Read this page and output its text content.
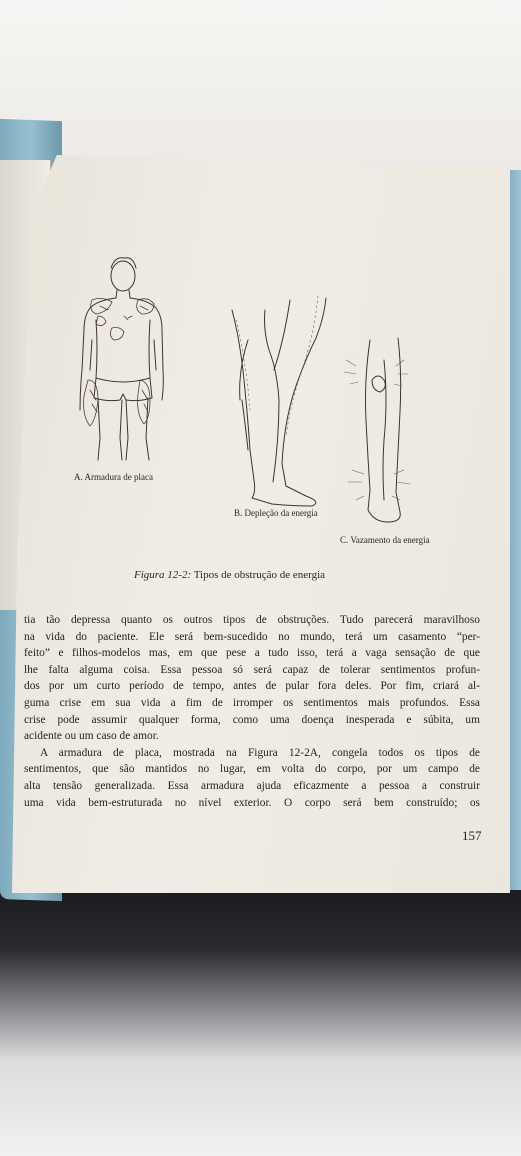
A. Armadura de placa

B. Depleção da energia

C. Vazamento da energia

Figura 12-2: Tipos de obstrução de energia

tia tão depressa quanto os outros tipos de obstruções. Tudo parecerá maravilhoso
na vida do paciente. Ele será bem-sucedido no mundo, terá um casamento “per-
feito” e filhos-modelos mas, em que pese a tudo isso, terá a vaga sensação de que
lhe falta alguma coisa. Essa pessoa só será capaz de tolerar sentimentos profun-
dos por um curto período de tempo, antes de pular fora deles. Por fim, criará al-
guma crise em sua vida a fim de irromper os sentimentos mais profundos. Essa
crise pode assumir qualquer forma, como uma doença inesperada e súbita, um
acidente ou um caso de amor.
A armadura de placa, mostrada na Figura 12-2A, congela todos os tipos de
sentimentos, que são mantidos no lugar, em volta do corpo, por um campo de
alta tensão generalizada. Essa armadura ajuda eficazmente a pessoa a construir
uma vida bem-estruturada no nível exterior. O corpo será bem construído; os

157
